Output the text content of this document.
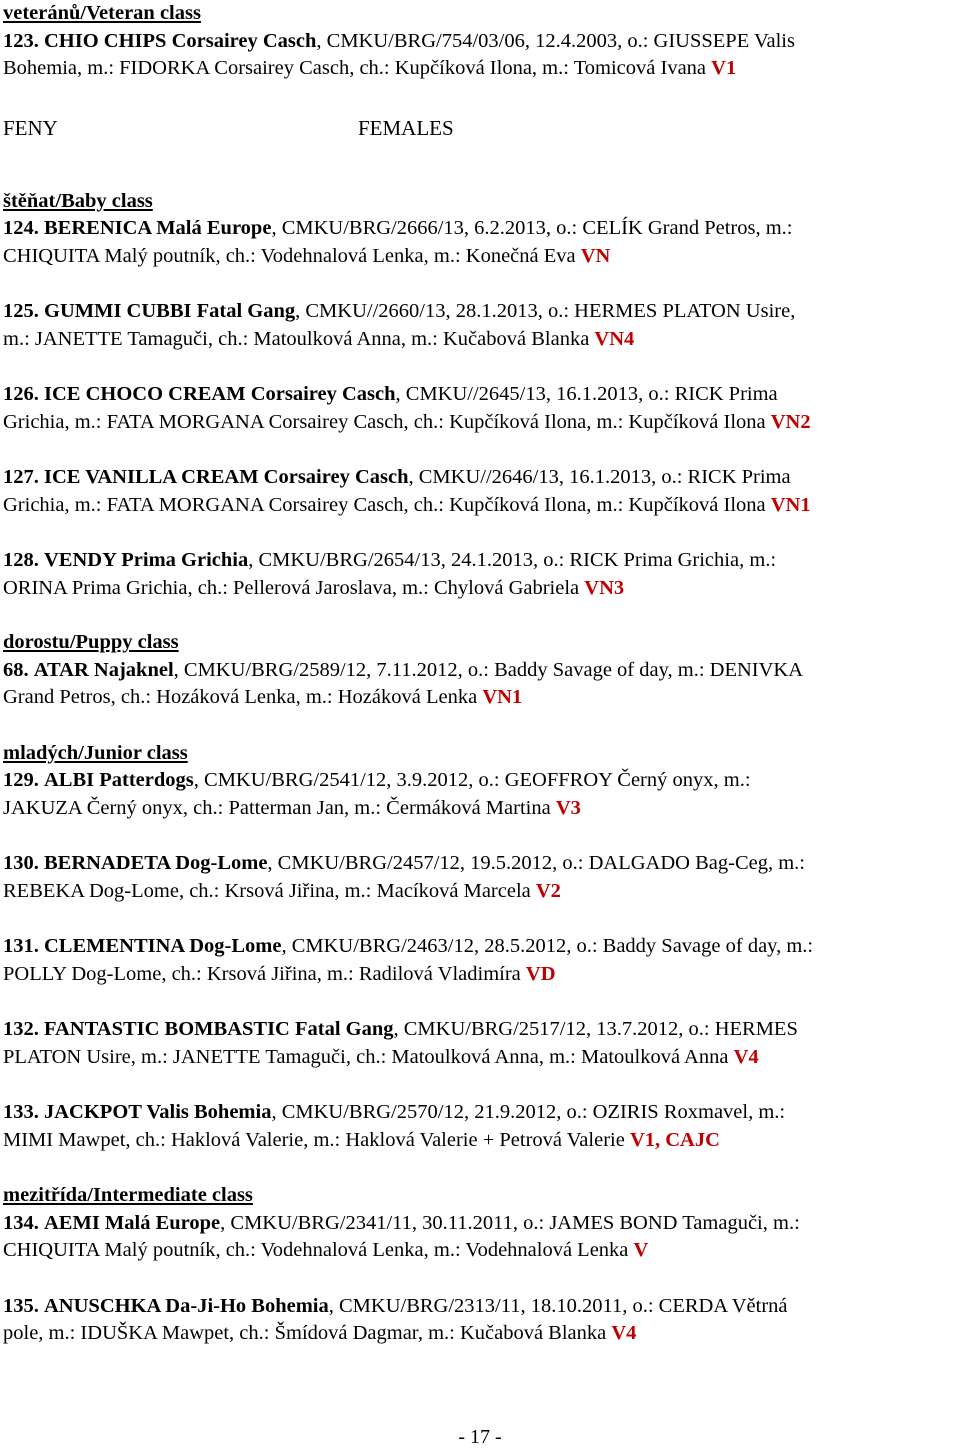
veteránů/Veteran class
123. CHIO CHIPS Corsairey Casch, CMKU/BRG/754/03/06, 12.4.2003, o.: GIUSSEPE Valis
Bohemia, m.: FIDORKA Corsairey Casch, ch.: Kupčíková Ilona, m.: Tomicová Ivana V1
FENY	FEMALES
štěňat/Baby class
124. BERENICA Malá Europe, CMKU/BRG/2666/13, 6.2.2013, o.: CELÍK Grand Petros, m.:
CHIQUITA Malý poutník, ch.: Vodehnalová Lenka, m.: Konečná Eva VN
125. GUMMI CUBBI Fatal Gang, CMKU//2660/13, 28.1.2013, o.: HERMES PLATON Usire,
m.: JANETTE Tamaguči, ch.: Matoulková Anna, m.: Kučabová Blanka VN4
126. ICE CHOCO CREAM Corsairey Casch, CMKU//2645/13, 16.1.2013, o.: RICK Prima
Grichia, m.: FATA MORGANA Corsairey Casch, ch.: Kupčíková Ilona, m.: Kupčíková Ilona VN2
127. ICE VANILLA CREAM Corsairey Casch, CMKU//2646/13, 16.1.2013, o.: RICK Prima
Grichia, m.: FATA MORGANA Corsairey Casch, ch.: Kupčíková Ilona, m.: Kupčíková Ilona VN1
128. VENDY Prima Grichia, CMKU/BRG/2654/13, 24.1.2013, o.: RICK Prima Grichia, m.:
ORINA Prima Grichia, ch.: Pellerová Jaroslava, m.: Chylová Gabriela VN3
dorostu/Puppy class
68. ATAR Najaknel, CMKU/BRG/2589/12, 7.11.2012, o.: Baddy Savage of day, m.: DENIVKA
Grand Petros, ch.: Hozáková Lenka, m.: Hozáková Lenka VN1
mladých/Junior class
129. ALBI Patterdogs, CMKU/BRG/2541/12, 3.9.2012, o.: GEOFFROY Černý onyx, m.:
JAKUZA Černý onyx, ch.: Patterman Jan, m.: Čermáková Martina V3
130. BERNADETA Dog-Lome, CMKU/BRG/2457/12, 19.5.2012, o.: DALGADO Bag-Ceg, m.:
REBEKA Dog-Lome, ch.: Krsová Jiřina, m.: Macíková Marcela V2
131. CLEMENTINA Dog-Lome, CMKU/BRG/2463/12, 28.5.2012, o.: Baddy Savage of day, m.:
POLLY Dog-Lome, ch.: Krsová Jiřina, m.: Radilová Vladimíra VD
132. FANTASTIC BOMBASTIC Fatal Gang, CMKU/BRG/2517/12, 13.7.2012, o.: HERMES
PLATON Usire, m.: JANETTE Tamaguči, ch.: Matoulková Anna, m.: Matoulková Anna V4
133. JACKPOT Valis Bohemia, CMKU/BRG/2570/12, 21.9.2012, o.: OZIRIS Roxmavel, m.:
MIMI Mawpet, ch.: Haklová Valerie, m.: Haklová Valerie + Petrová Valerie V1, CAJC
mezitřída/Intermediate class
134. AEMI Malá Europe, CMKU/BRG/2341/11, 30.11.2011, o.: JAMES BOND Tamaguči, m.:
CHIQUITA Malý poutník, ch.: Vodehnalová Lenka, m.: Vodehnalová Lenka V
135. ANUSCHKA Da-Ji-Ho Bohemia, CMKU/BRG/2313/11, 18.10.2011, o.: CERDA Větrná
pole, m.: IDUŠKA Mawpet, ch.: Šmídová Dagmar, m.: Kučabová Blanka V4
- 17 -
